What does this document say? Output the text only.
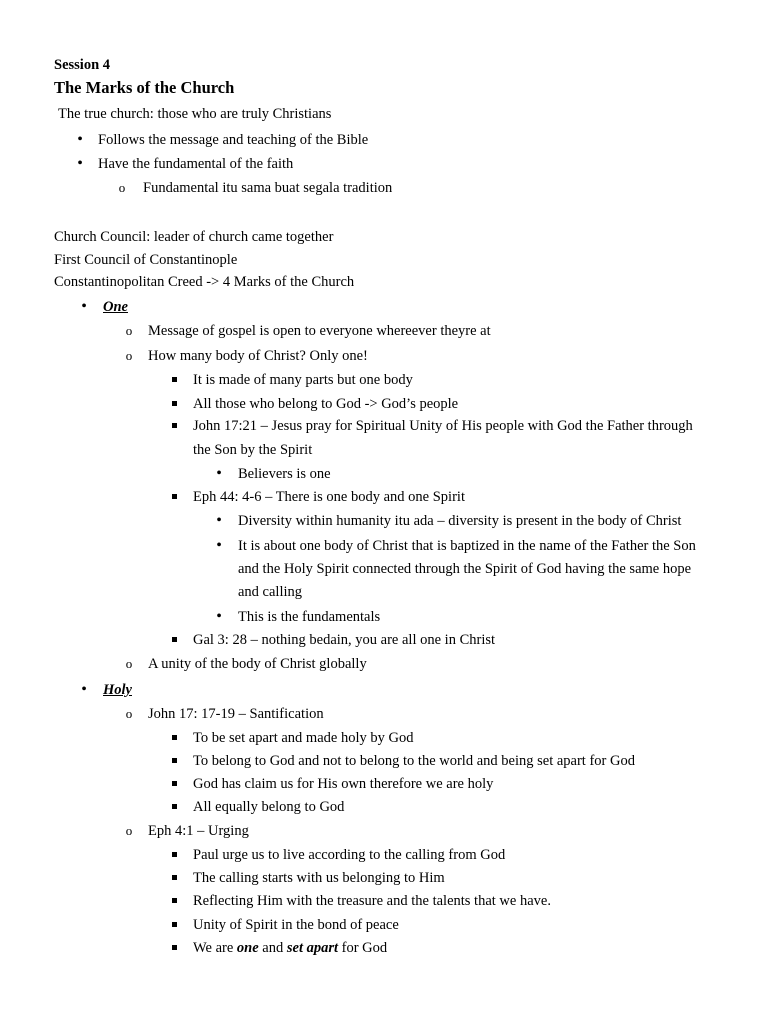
Session 4
The Marks of the Church
The true church: those who are truly Christians
•
Follows the message and teaching of the Bible
•
Have the fundamental of the faith
o
Fundamental itu sama buat segala tradition
Church Council: leader of church came together
First Council of Constantinople
Constantinopolitan Creed -> 4 Marks of the Church
•
One
o
Message of gospel is open to everyone whereever theyre at
o
How many body of Christ? Only one!
It is made of many parts but one body
All those who belong to God -> God’s people
John 17:21 – Jesus pray for Spiritual Unity of His people with God the Father through
the Son by the Spirit
•
Believers is one
Eph 44: 4-6 – There is one body and one Spirit
•
Diversity within humanity itu ada – diversity is present in the body of Christ
•
It is about one body of Christ that is baptized in the name of the Father the Son
and the Holy Spirit connected through the Spirit of God having the same hope
and calling
•
This is the fundamentals
Gal 3: 28 – nothing bedain, you are all one in Christ
o
A unity of the body of Christ globally
•
Holy
o
John 17: 17-19 – Santification
To be set apart and made holy by God
To belong to God and not to belong to the world and being set apart for God
God has claim us for His own therefore we are holy
All equally belong to God
o
Eph 4:1 – Urging
Paul urge us to live according to the calling from God
The calling starts with us belonging to Him
Reflecting Him with the treasure and the talents that we have.
Unity of Spirit in the bond of peace
We are one and set apart for God
